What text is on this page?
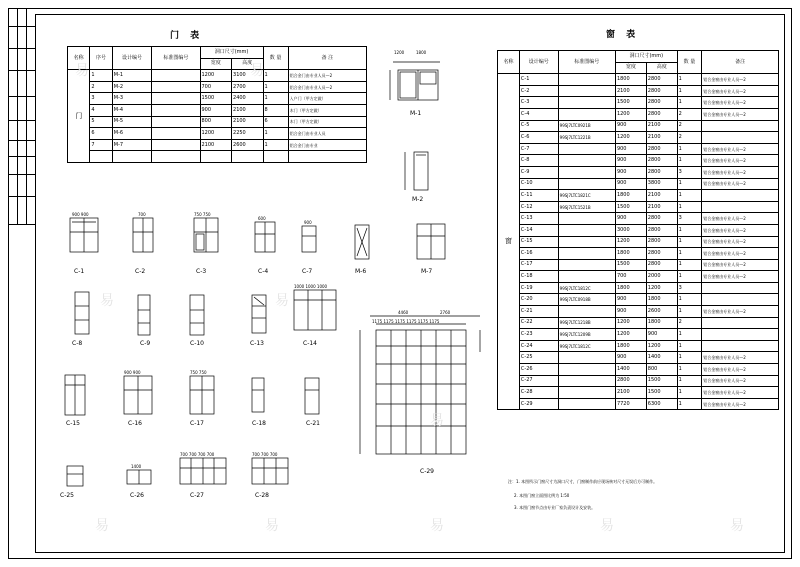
门 表
名称	序号	设计编号	标准图编号	洞口尺寸(mm)		数 量	备 注
				宽度	高度		
门	1	M-1		1200	3100	1	铝合金门由专业人员—2
	2	M-2		700	2700	1	铝合金门由专业人员—2
	3	M-3		1500	2400	1	入户门（甲方定做）
	4	M-4		900	2100	8	木门（甲方定做）
	5	M-5		800	2100	6	木门（甲方定做）
	6	M-6		1200	2250	1	铝合金门由专业人员
	7	M-7		2100	2600	1	铝合金门由专业

窗 表
名称	设计编号	标准图编号	洞口尺寸(mm)		数 量	备注
			宽度	高度		
窗	C-1		1800	2800	1	铝合金窗由专业人员—2
	C-2		2100	2800	1	铝合金窗由专业人员—2
	C-3		1500	2800	1	铝合金窗由专业人员—2
	C-4		1200	2800	2	铝合金窗由专业人员—2
	C-5	99SJ7LTC0921B	900	2100	2	
	C-6	99SJ7LTC1221B	1200	2100	2	
	C-7		900	2800	1	铝合金窗由专业人员—2
	C-8		900	2800	1	铝合金窗由专业人员—2
	C-9		900	2800	3	铝合金窗由专业人员—2
	C-10		900	3800	1	铝合金窗由专业人员—2
	C-11	99SJ7LTC1821C	1800	2100	1	
	C-12	99SJ7LTC1521B	1500	2100	1	
	C-13		900	2800	3	铝合金窗由专业人员—2
	C-14		3000	2800	1	铝合金窗由专业人员—2
	C-15		1200	2800	1	铝合金窗由专业人员—2
	C-16		1800	2800	1	铝合金窗由专业人员—2
	C-17		1500	2800	1	铝合金窗由专业人员—2
	C-18		700	2000	1	铝合金窗由专业人员—2
	C-19	99SJ7LTC1812C	1800	1200	3	
	C-20	99SJ7LTC0918B	900	1800	1	
	C-21		900	2600	1	铝合金窗由专业人员—2
	C-22	99SJ7LTC1218B	1200	1800	2	
	C-23	99SJ7LTC1209B	1200	900	1	
	C-24	99SJ7LTC1812C	1800	1200	1	
	C-25		900	1400	1	铝合金窗由专业人员—2
	C-26		1400	800	1	铝合金窗由专业人员—2
	C-27		2800	1500	1	铝合金窗由专业人员—2
	C-28		2100	1500	1	铝合金窗由专业人员—2
	C-29		7720	6300	1	铝合金窗由专业人员—2
注：1. 本图所示门窗尺寸为洞口尺寸，门窗制作前应现场核对尺寸无误后方可制作。
2. 本图门窗立面图比例为 1:50
3. 本图门窗节点由专业厂家负责设计及安装。
C-1	C-2	C-3	C-4	C-7	M-6	M-7
C-8	C-9	C-10	C-13	C-14
C-15	C-16	C-17	C-18	C-21
C-25	C-26	C-27	C-28
C-29
M-1
M-2
1200	1800
900 900	700	750 750
600
900
1000 1000 1000
900 900	750 750
1400
700 700 700 700	700 700 700
4460	2760
1175 1175 1175 1175 1175 1175
易	易
易	易
易
易	易	易	易	易
